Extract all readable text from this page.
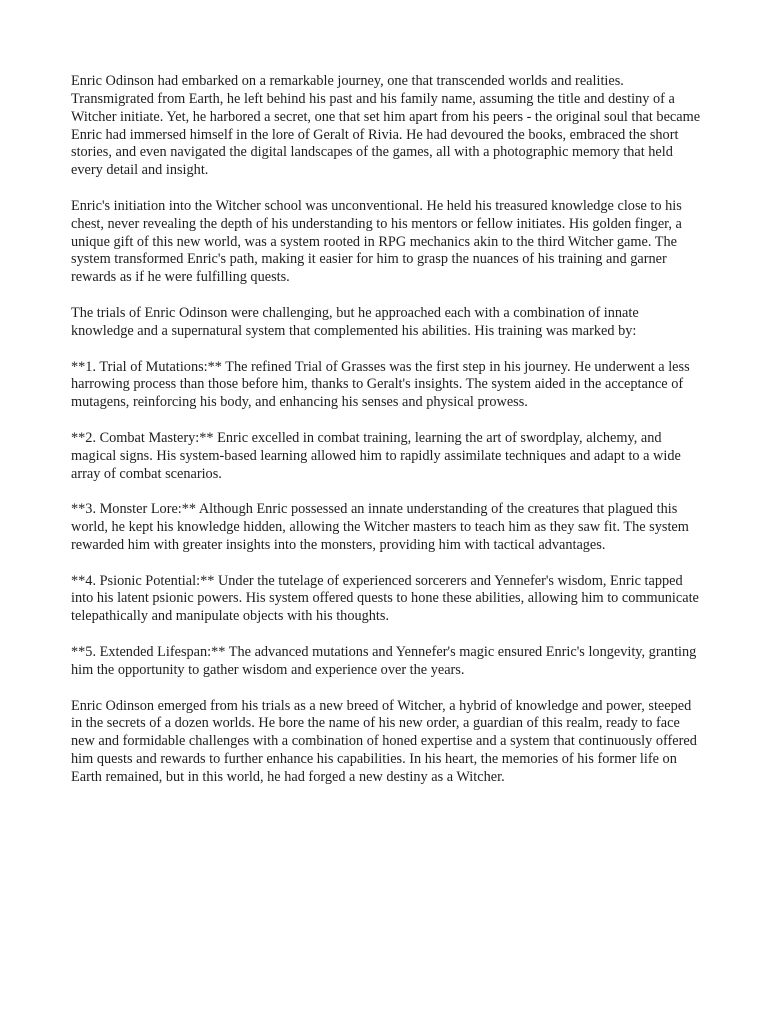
Enric Odinson had embarked on a remarkable journey, one that transcended worlds and realities. Transmigrated from Earth, he left behind his past and his family name, assuming the title and destiny of a Witcher initiate. Yet, he harbored a secret, one that set him apart from his peers - the original soul that became Enric had immersed himself in the lore of Geralt of Rivia. He had devoured the books, embraced the short stories, and even navigated the digital landscapes of the games, all with a photographic memory that held every detail and insight.

Enric's initiation into the Witcher school was unconventional. He held his treasured knowledge close to his chest, never revealing the depth of his understanding to his mentors or fellow initiates. His golden finger, a unique gift of this new world, was a system rooted in RPG mechanics akin to the third Witcher game. The system transformed Enric's path, making it easier for him to grasp the nuances of his training and garner rewards as if he were fulfilling quests.

The trials of Enric Odinson were challenging, but he approached each with a combination of innate knowledge and a supernatural system that complemented his abilities. His training was marked by:

**1. Trial of Mutations:** The refined Trial of Grasses was the first step in his journey. He underwent a less harrowing process than those before him, thanks to Geralt's insights. The system aided in the acceptance of mutagens, reinforcing his body, and enhancing his senses and physical prowess.

**2. Combat Mastery:** Enric excelled in combat training, learning the art of swordplay, alchemy, and magical signs. His system-based learning allowed him to rapidly assimilate techniques and adapt to a wide array of combat scenarios.

**3. Monster Lore:** Although Enric possessed an innate understanding of the creatures that plagued this world, he kept his knowledge hidden, allowing the Witcher masters to teach him as they saw fit. The system rewarded him with greater insights into the monsters, providing him with tactical advantages.

**4. Psionic Potential:** Under the tutelage of experienced sorcerers and Yennefer's wisdom, Enric tapped into his latent psionic powers. His system offered quests to hone these abilities, allowing him to communicate telepathically and manipulate objects with his thoughts.

**5. Extended Lifespan:** The advanced mutations and Yennefer's magic ensured Enric's longevity, granting him the opportunity to gather wisdom and experience over the years.

Enric Odinson emerged from his trials as a new breed of Witcher, a hybrid of knowledge and power, steeped in the secrets of a dozen worlds. He bore the name of his new order, a guardian of this realm, ready to face new and formidable challenges with a combination of honed expertise and a system that continuously offered him quests and rewards to further enhance his capabilities. In his heart, the memories of his former life on Earth remained, but in this world, he had forged a new destiny as a Witcher.
